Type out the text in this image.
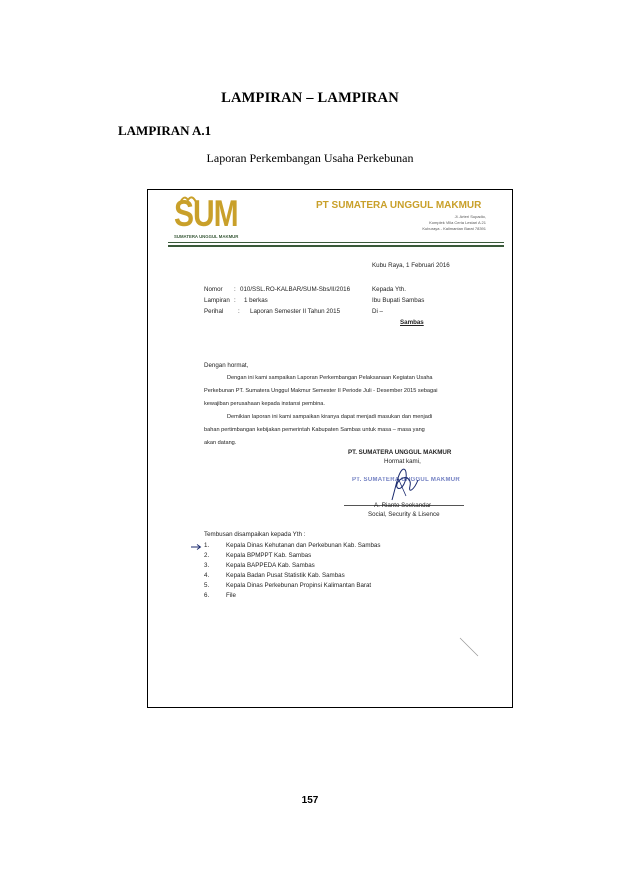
LAMPIRAN – LAMPIRAN
LAMPIRAN A.1
Laporan Perkembangan Usaha Perkebunan
SUM
SUMATERA UNGGUL MAKMUR
PT SUMATERA UNGGUL MAKMUR
Jl. Arteri Supadio,
Komplek Villa Ceria Lestari A 21
Kuburaya - Kalimantan Barat 78391
Kubu Raya, 1 Februari 2016
Nomor : 010/SSL.RO-KALBAR/SUM-Sbs/II/2016
Lampiran : 1 berkas
Perihal : Laporan Semester II Tahun 2015
Kepada Yth.
Ibu Bupati Sambas
Di –
Sambas
Dengan hormat,
Dengan ini kami sampaikan Laporan Perkembangan Pelaksanaan Kegiatan Usaha
Perkebunan PT. Sumatera Unggul Makmur Semester II Periode Juli - Desember 2015 sebagai
kewajiban perusahaan kepada instansi pembina.
Demikian laporan ini kami sampaikan kiranya dapat menjadi masukan dan menjadi
bahan pertimbangan kebijakan pemerintah Kabupaten Sambas untuk masa – masa yang
akan datang.
PT. SUMATERA UNGGUL MAKMUR
Hormat kami,
PT. SUMATERA UNGGUL MAKMUR
A. Rianto Soekandar
Social, Security & Lisence
Tembusan disampaikan kepada Yth :
1.	Kepala Dinas Kehutanan dan Perkebunan Kab. Sambas
2.	Kepala BPMPPT Kab. Sambas
3.	Kepala BAPPEDA Kab. Sambas
4.	Kepala Badan Pusat Statistik Kab. Sambas
5.	Kepala Dinas Perkebunan Propinsi Kalimantan Barat
6.	File
157
